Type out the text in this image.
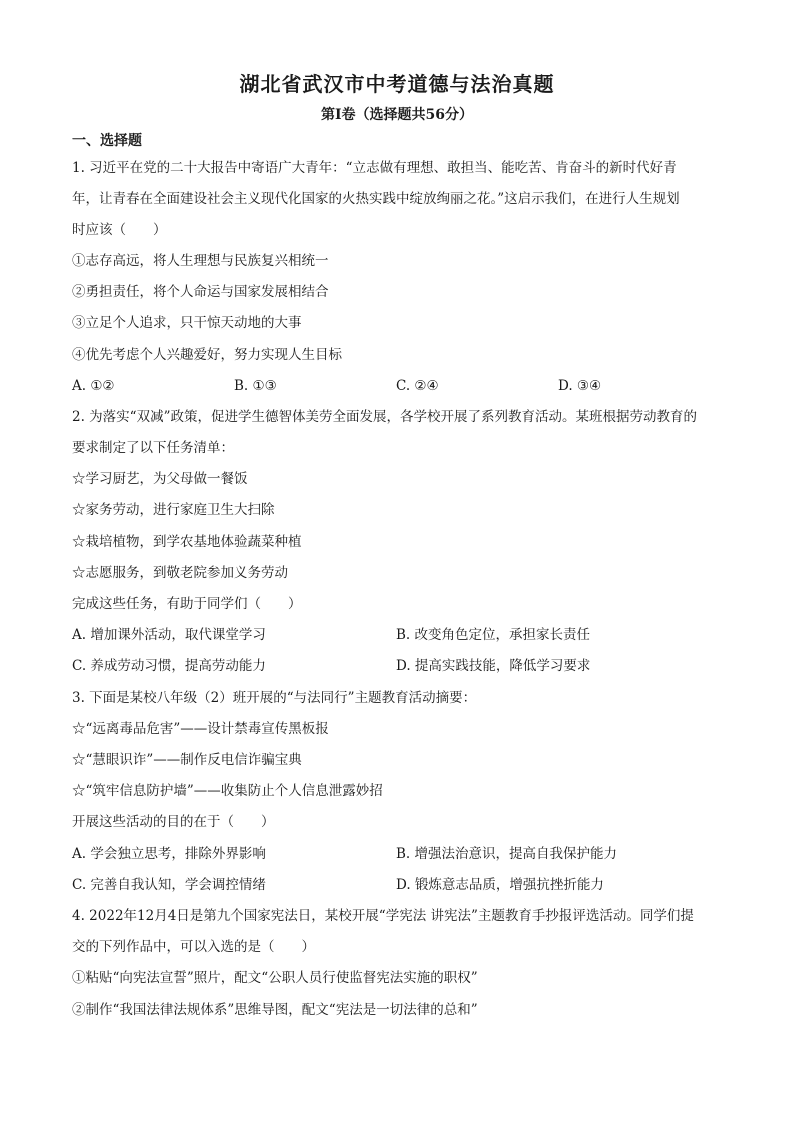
湖北省武汉市中考道德与法治真题
第Ⅰ卷（选择题共56分）
一、选择题
1. 习近平在党的二十大报告中寄语广大青年：“立志做有理想、敢担当、能吃苦、肯奋斗的新时代好青
年，让青春在全面建设社会主义现代化国家的火热实践中绽放绚丽之花。”这启示我们，在进行人生规划
时应该（　　）
①志存高远，将人生理想与民族复兴相统一
②勇担责任，将个人命运与国家发展相结合
③立足个人追求，只干惊天动地的大事
④优先考虑个人兴趣爱好，努力实现人生目标
A. ①②	B. ①③	C. ②④	D. ③④
2. 为落实“双减”政策，促进学生德智体美劳全面发展，各学校开展了系列教育活动。某班根据劳动教育的
要求制定了以下任务清单：
☆学习厨艺，为父母做一餐饭
☆家务劳动，进行家庭卫生大扫除
☆栽培植物，到学农基地体验蔬菜种植
☆志愿服务，到敬老院参加义务劳动
完成这些任务，有助于同学们（　　）
A. 增加课外活动，取代课堂学习	B. 改变角色定位，承担家长责任
C. 养成劳动习惯，提高劳动能力	D. 提高实践技能，降低学习要求
3. 下面是某校八年级（2）班开展的“与法同行”主题教育活动摘要：
☆“远离毒品危害”——设计禁毒宣传黑板报
☆“慧眼识诈”——制作反电信诈骗宝典
☆“筑牢信息防护墙”——收集防止个人信息泄露妙招
开展这些活动的目的在于（　　）
A. 学会独立思考，排除外界影响	B. 增强法治意识，提高自我保护能力
C. 完善自我认知，学会调控情绪	D. 锻炼意志品质，增强抗挫折能力
4. 2022年12月4日是第九个国家宪法日，某校开展“学宪法 讲宪法”主题教育手抄报评选活动。同学们提
交的下列作品中，可以入选的是（　　）
①粘贴“向宪法宣誓”照片，配文“公职人员行使监督宪法实施的职权”
②制作“我国法律法规体系”思维导图，配文“宪法是一切法律的总和”
